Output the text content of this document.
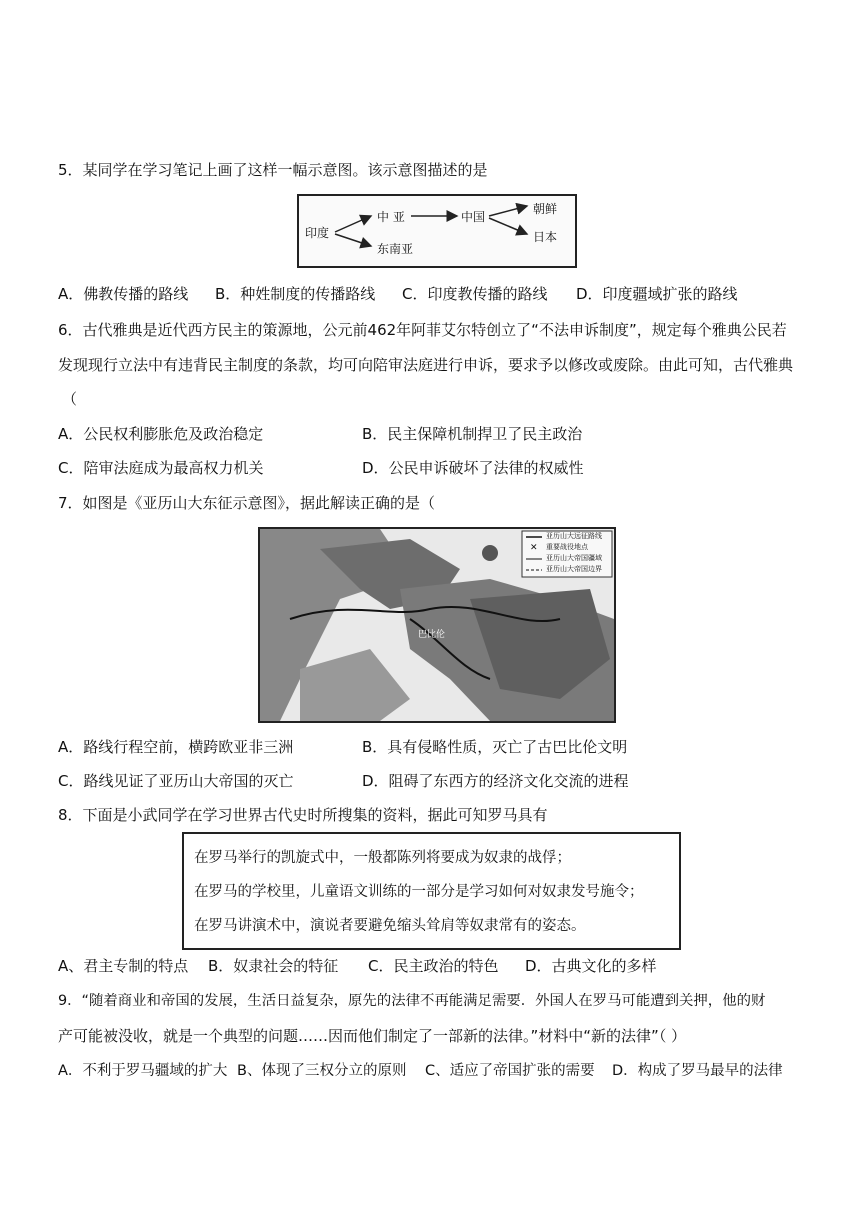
5．某同学在学习笔记上画了这样一幅示意图。该示意图描述的是
印度
中 亚
东南亚
中国
朝鲜
日本
A．佛教传播的路线 B．种姓制度的传播路线 C．印度教传播的路线 D．印度疆域扩张的路线
6．古代雅典是近代西方民主的策源地，公元前462年阿菲艾尔特创立了“不法申诉制度”，规定每个雅典公民若
发现现行立法中有违背民主制度的条款，均可向陪审法庭进行申诉，要求予以修改或废除。由此可知，古代雅典
（
A．公民权利膨胀危及政治稳定	B．民主保障机制捍卫了民主政治
C．陪审法庭成为最高权力机关	D．公民申诉破坏了法律的权威性
7．如图是《亚历山大东征示意图》，据此解读正确的是（
✕
亚历山大远征路线
重要战役地点
亚历山大帝国疆域
亚历山大帝国边界
巴比伦
A．路线行程空前，横跨欧亚非三洲	B．具有侵略性质，灭亡了古巴比伦文明
C．路线见证了亚历山大帝国的灭亡	D．阻碍了东西方的经济文化交流的进程
8．下面是小武同学在学习世界古代史时所搜集的资料，据此可知罗马具有
在罗马举行的凯旋式中，一般都陈列将要成为奴隶的战俘；
在罗马的学校里，儿童语文训练的一部分是学习如何对奴隶发号施令；
在罗马讲演术中，演说者要避免缩头耸肩等奴隶常有的姿态。
A、君主专制的特点 B．奴隶社会的特征 C．民主政治的特色 D．古典文化的多样
9．“随着商业和帝国的发展，生活日益复杂，原先的法律不再能满足需要．外国人在罗马可能遭到关押，他的财
产可能被没收，就是一个典型的问题……因而他们制定了一部新的法律。”材料中“新的法律”（ ）
A．不利于罗马疆域的扩大 B、体现了三权分立的原则 C、适应了帝国扩张的需要 D．构成了罗马最早的法律
